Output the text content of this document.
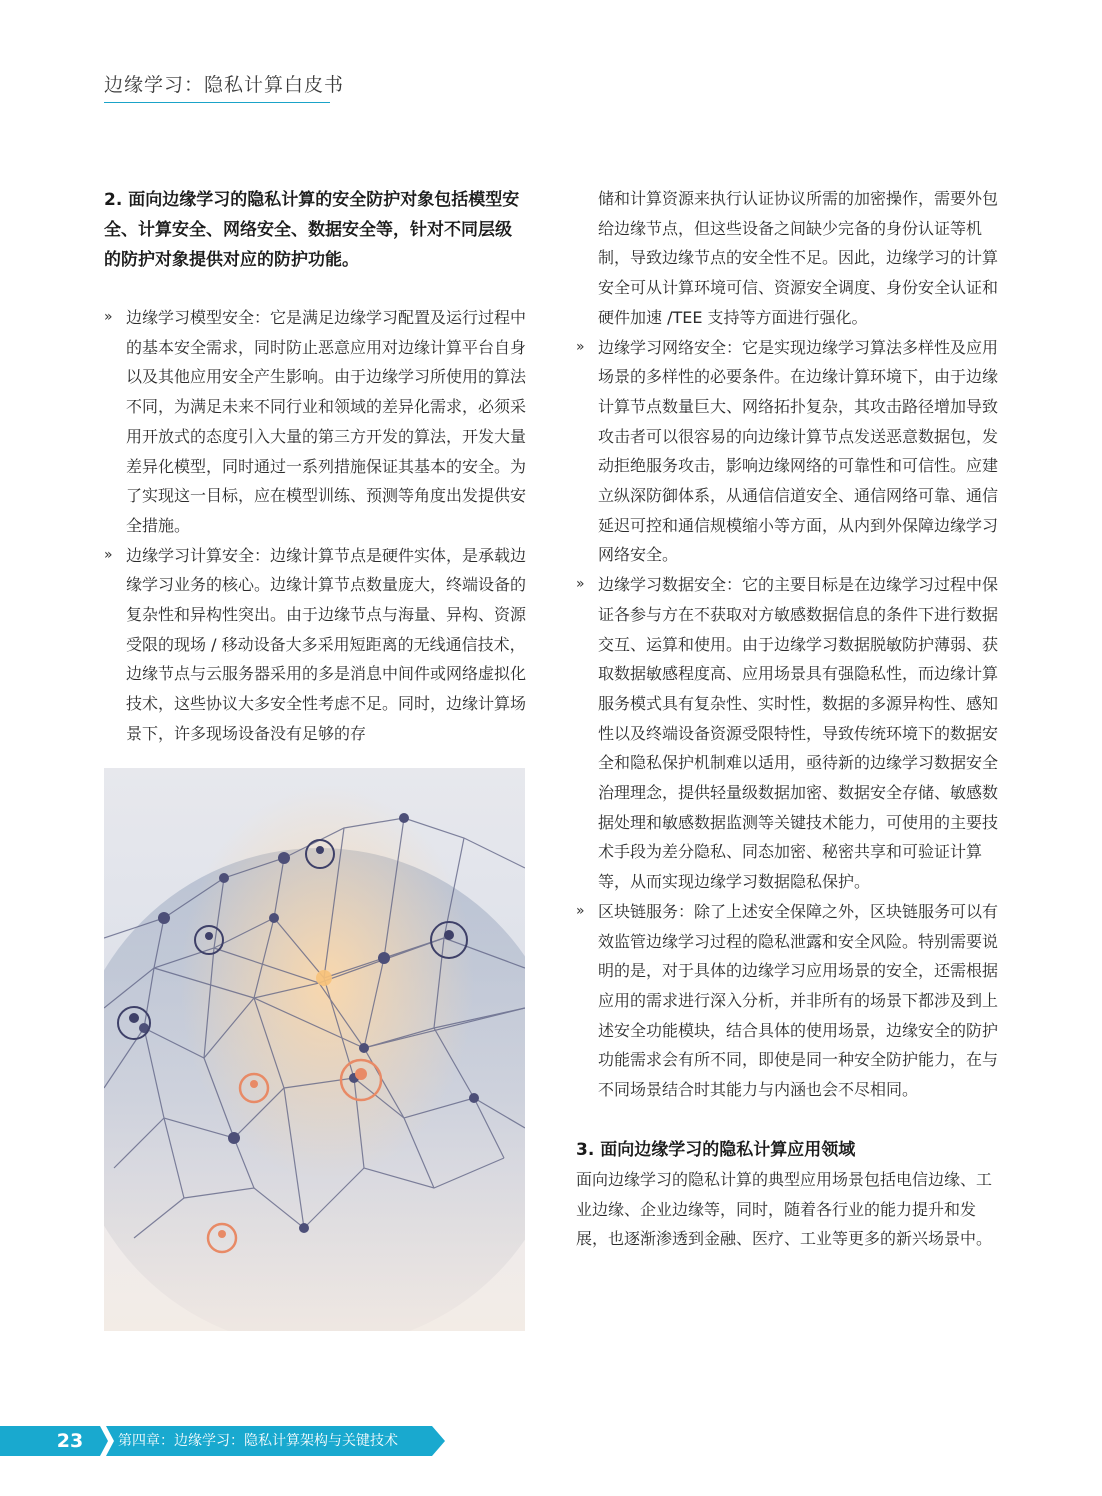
边缘学习：隐私计算白皮书

2. 面向边缘学习的隐私计算的安全防护对象包括模型安全、计算安全、网络安全、数据安全等，针对不同层级的防护对象提供对应的防护功能。

» 边缘学习模型安全：它是满足边缘学习配置及运行过程中的基本安全需求，同时防止恶意应用对边缘计算平台自身以及其他应用安全产生影响。由于边缘学习所使用的算法不同，为满足未来不同行业和领域的差异化需求，必须采用开放式的态度引入大量的第三方开发的算法，开发大量差异化模型，同时通过一系列措施保证其基本的安全。为了实现这一目标，应在模型训练、预测等角度出发提供安全措施。

» 边缘学习计算安全：边缘计算节点是硬件实体，是承载边缘学习业务的核心。边缘计算节点数量庞大，终端设备的复杂性和异构性突出。由于边缘节点与海量、异构、资源受限的现场 / 移动设备大多采用短距离的无线通信技术，边缘节点与云服务器采用的多是消息中间件或网络虚拟化技术，这些协议大多安全性考虑不足。同时，边缘计算场景下，许多现场设备没有足够的存

储和计算资源来执行认证协议所需的加密操作，需要外包给边缘节点，但这些设备之间缺少完备的身份认证等机制，导致边缘节点的安全性不足。因此，边缘学习的计算安全可从计算环境可信、资源安全调度、身份安全认证和硬件加速 /TEE 支持等方面进行强化。

» 边缘学习网络安全：它是实现边缘学习算法多样性及应用场景的多样性的必要条件。在边缘计算环境下，由于边缘计算节点数量巨大、网络拓扑复杂，其攻击路径增加导致攻击者可以很容易的向边缘计算节点发送恶意数据包，发动拒绝服务攻击，影响边缘网络的可靠性和可信性。应建立纵深防御体系，从通信信道安全、通信网络可靠、通信延迟可控和通信规模缩小等方面，从内到外保障边缘学习网络安全。

» 边缘学习数据安全：它的主要目标是在边缘学习过程中保证各参与方在不获取对方敏感数据信息的条件下进行数据交互、运算和使用。由于边缘学习数据脱敏防护薄弱、获取数据敏感程度高、应用场景具有强隐私性，而边缘计算服务模式具有复杂性、实时性，数据的多源异构性、感知性以及终端设备资源受限特性，导致传统环境下的数据安全和隐私保护机制难以适用，亟待新的边缘学习数据安全治理理念，提供轻量级数据加密、数据安全存储、敏感数据处理和敏感数据监测等关键技术能力，可使用的主要技术手段为差分隐私、同态加密、秘密共享和可验证计算等，从而实现边缘学习数据隐私保护。

» 区块链服务：除了上述安全保障之外，区块链服务可以有效监管边缘学习过程的隐私泄露和安全风险。特别需要说明的是，对于具体的边缘学习应用场景的安全，还需根据应用的需求进行深入分析，并非所有的场景下都涉及到上述安全功能模块，结合具体的使用场景，边缘安全的防护功能需求会有所不同，即使是同一种安全防护能力，在与不同场景结合时其能力与内涵也会不尽相同。

3. 面向边缘学习的隐私计算应用领域

面向边缘学习的隐私计算的典型应用场景包括电信边缘、工业边缘、企业边缘等，同时，随着各行业的能力提升和发展，也逐渐渗透到金融、医疗、工业等更多的新兴场景中。

23	第四章：边缘学习：隐私计算架构与关键技术
